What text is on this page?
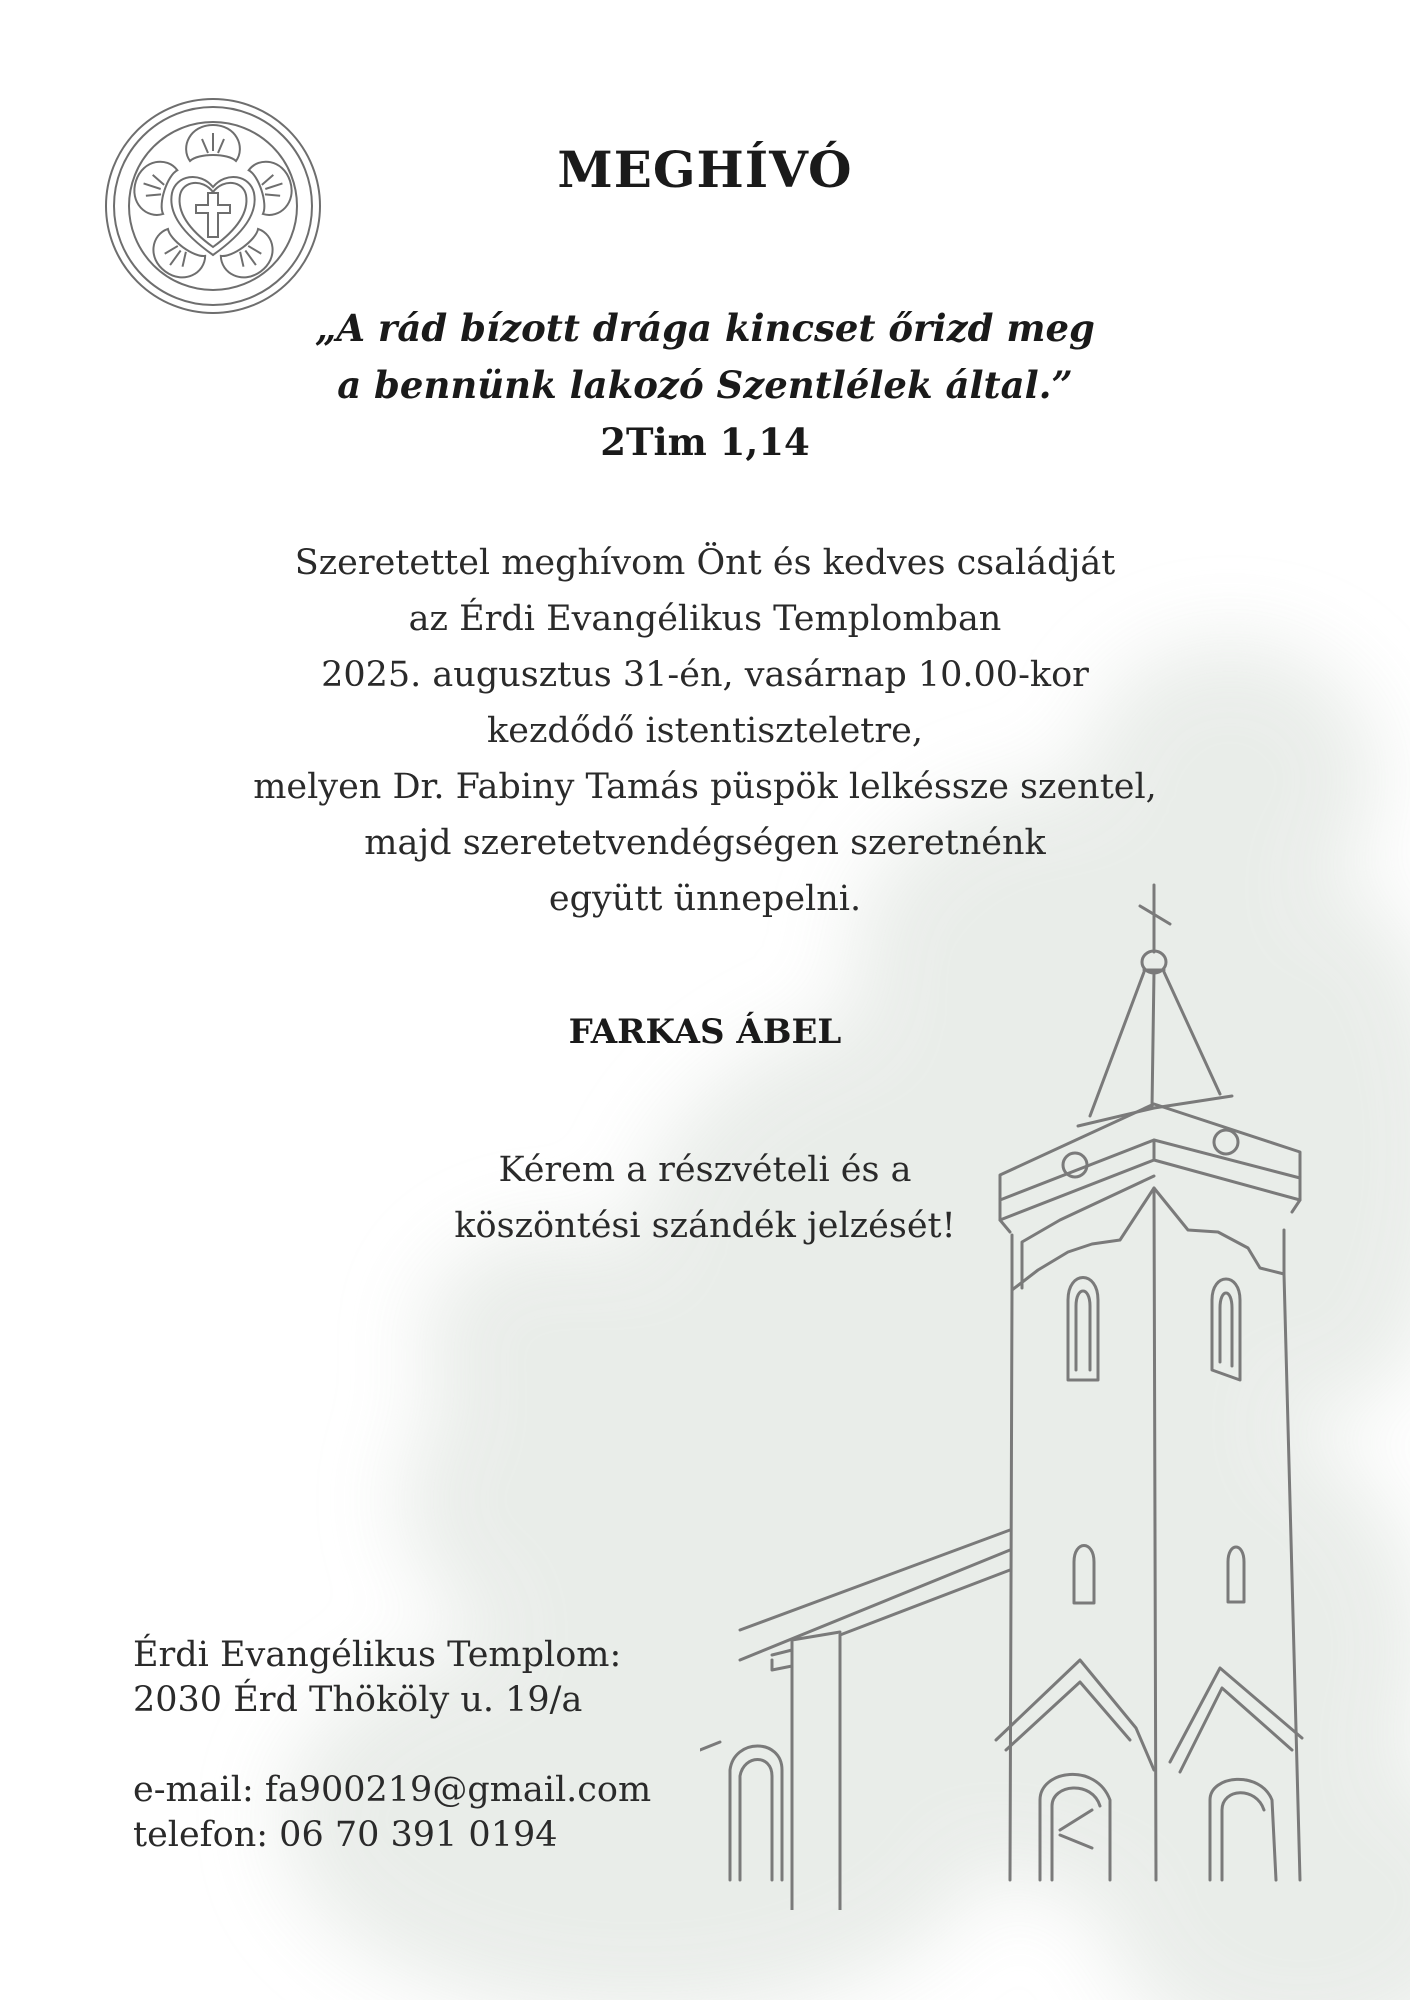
MEGHÍVÓ
„A rád bízott drága kincset őrizd meg
a bennünk lakozó Szentlélek által.”
2Tim 1,14
Szeretettel meghívom Önt és kedves családját
az Érdi Evangélikus Templomban
2025. augusztus 31-én, vasárnap 10.00-kor
kezdődő istentiszteletre,
melyen Dr. Fabiny Tamás püspök lelkéssze szentel,
majd szeretetvendégségen szeretnénk
együtt ünnepelni.
FARKAS ÁBEL
Kérem a részvételi és a
köszöntési szándék jelzését!
Érdi Evangélikus Templom:
2030 Érd Thököly u. 19/a
e-mail: fa900219@gmail.com
telefon: 06 70 391 0194
